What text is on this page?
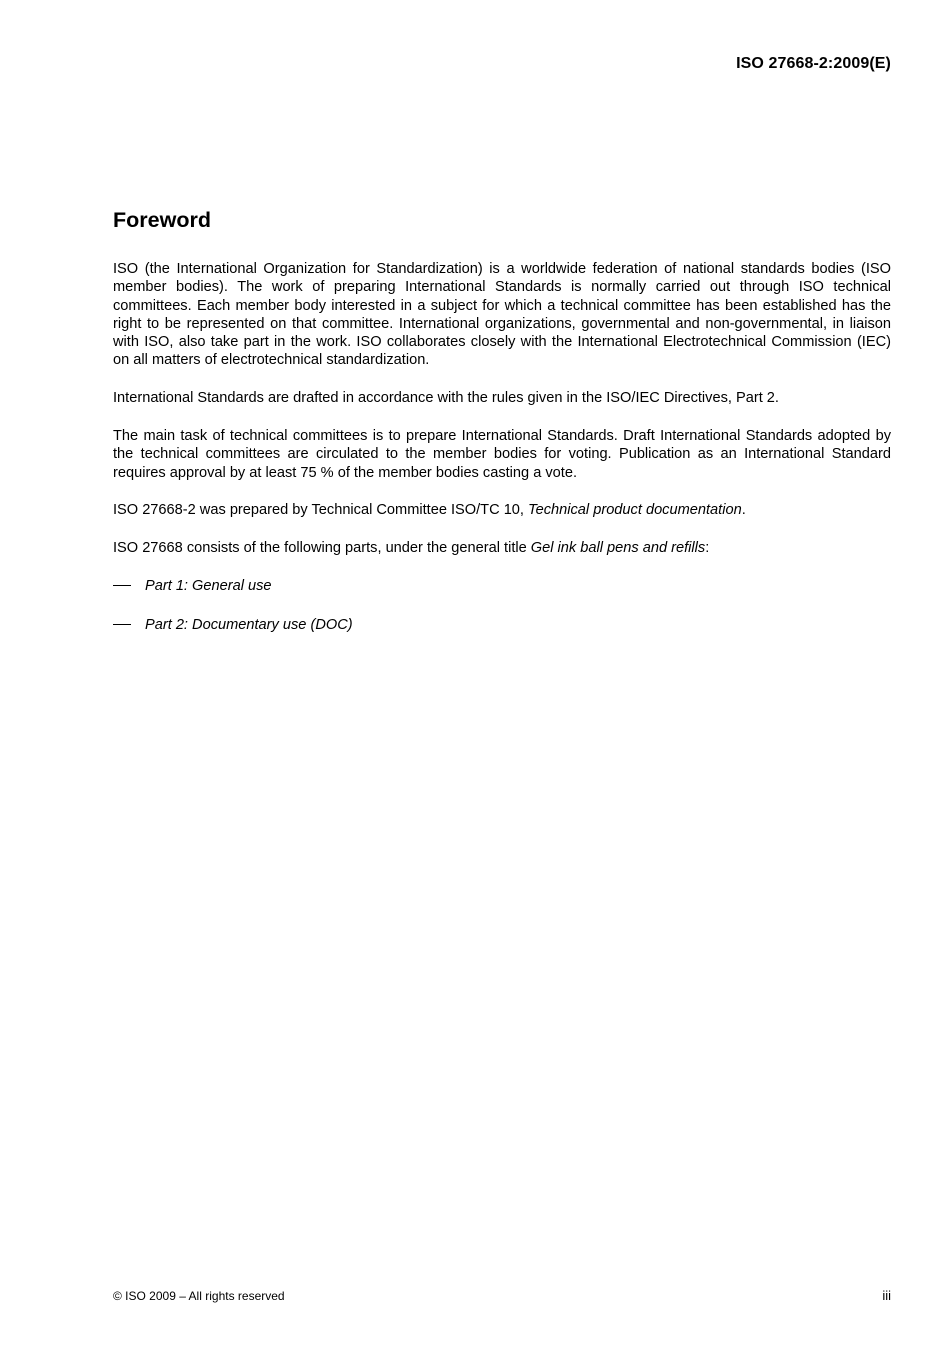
ISO 27668-2:2009(E)
Foreword

ISO (the International Organization for Standardization) is a worldwide federation of national standards bodies (ISO member bodies). The work of preparing International Standards is normally carried out through ISO technical committees. Each member body interested in a subject for which a technical committee has been established has the right to be represented on that committee. International organizations, governmental and non-governmental, in liaison with ISO, also take part in the work. ISO collaborates closely with the International Electrotechnical Commission (IEC) on all matters of electrotechnical standardization.

International Standards are drafted in accordance with the rules given in the ISO/IEC Directives, Part 2.

The main task of technical committees is to prepare International Standards. Draft International Standards adopted by the technical committees are circulated to the member bodies for voting. Publication as an International Standard requires approval by at least 75 % of the member bodies casting a vote.

ISO 27668-2 was prepared by Technical Committee ISO/TC 10, Technical product documentation.

ISO 27668 consists of the following parts, under the general title Gel ink ball pens and refills:

Part 1: General use
Part 2: Documentary use (DOC)
© ISO 2009 – All rights reserved	iii
